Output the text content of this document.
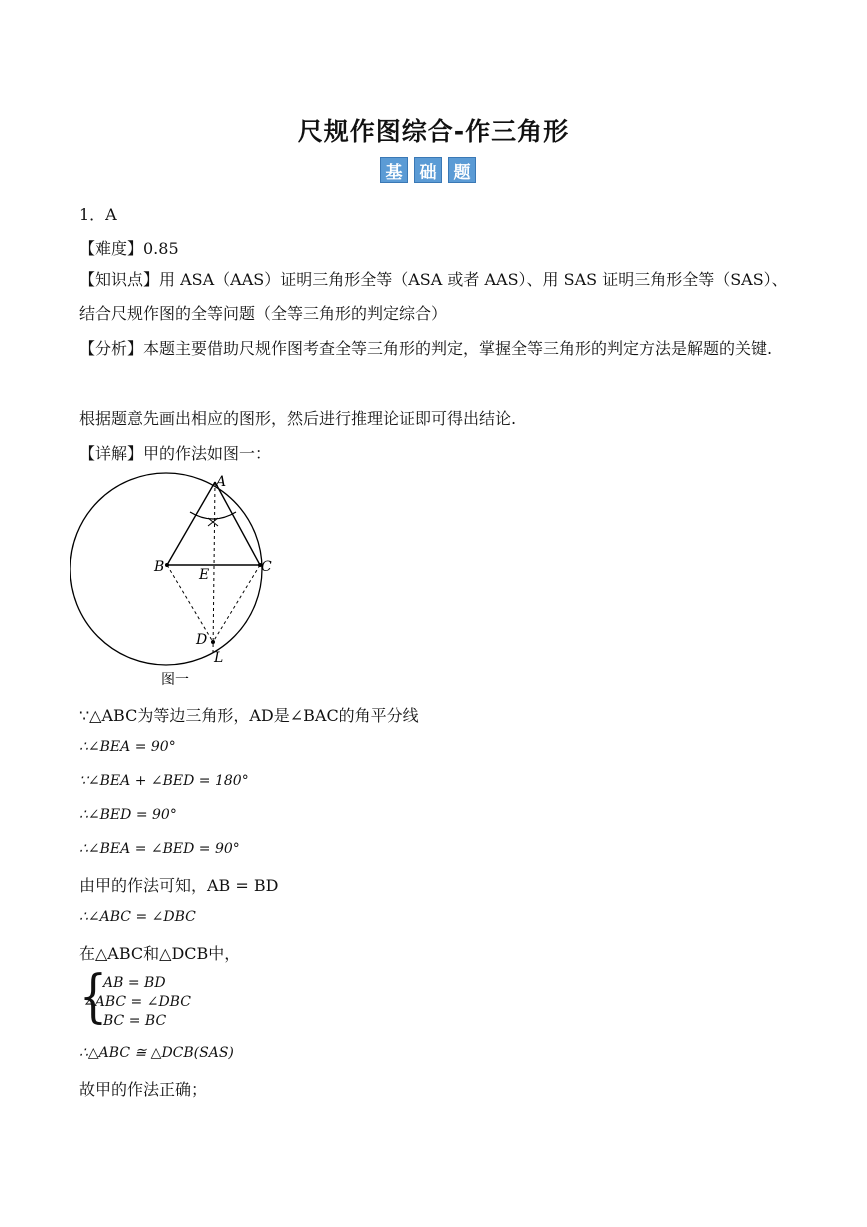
尺规作图综合-作三角形
基	础	题
1．A
【难度】0.85
【知识点】用 ASA（AAS）证明三角形全等（ASA 或者 AAS）、用 SAS 证明三角形全等（SAS）、结合尺规作图的全等问题（全等三角形的判定综合）
【分析】本题主要借助尺规作图考查全等三角形的判定，掌握全等三角形的判定方法是解题的关键.
根据题意先画出相应的图形，然后进行推理论证即可得出结论.
【详解】甲的作法如图一：
A
B	C
E
D
L
图一
∵△ABC为等边三角形，AD是∠BAC的角平分线
∴∠BEA = 90°
∵∠BEA + ∠BED = 180°
∴∠BED = 90°
∴∠BEA = ∠BED = 90°
由甲的作法可知，AB = BD
∴∠ABC = ∠DBC
在△ABC和△DCB中，
{
AB = BD
∠ABC = ∠DBC
BC = BC
∴△ABC ≅ △DCB(SAS)
故甲的作法正确；
